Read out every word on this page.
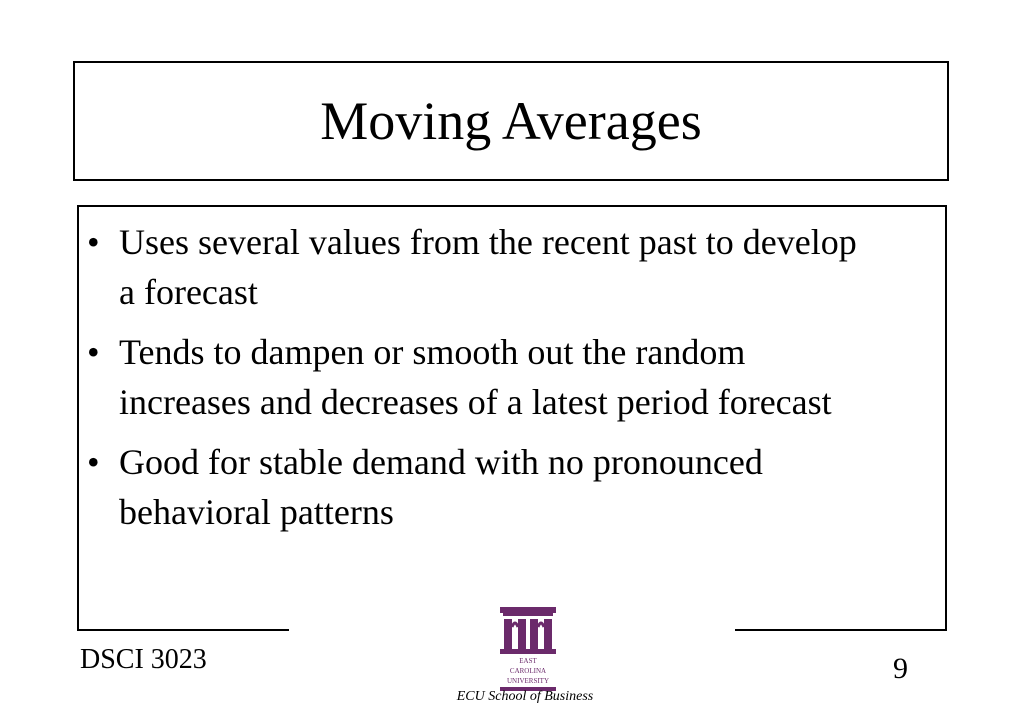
Moving Averages
• Uses several values from the recent past to develop a forecast
• Tends to dampen or smooth out the random increases and decreases of a latest period forecast
• Good for stable demand with no pronounced behavioral patterns
DSCI 3023	9
EAST
CAROLINA
UNIVERSITY
ECU School of Business
